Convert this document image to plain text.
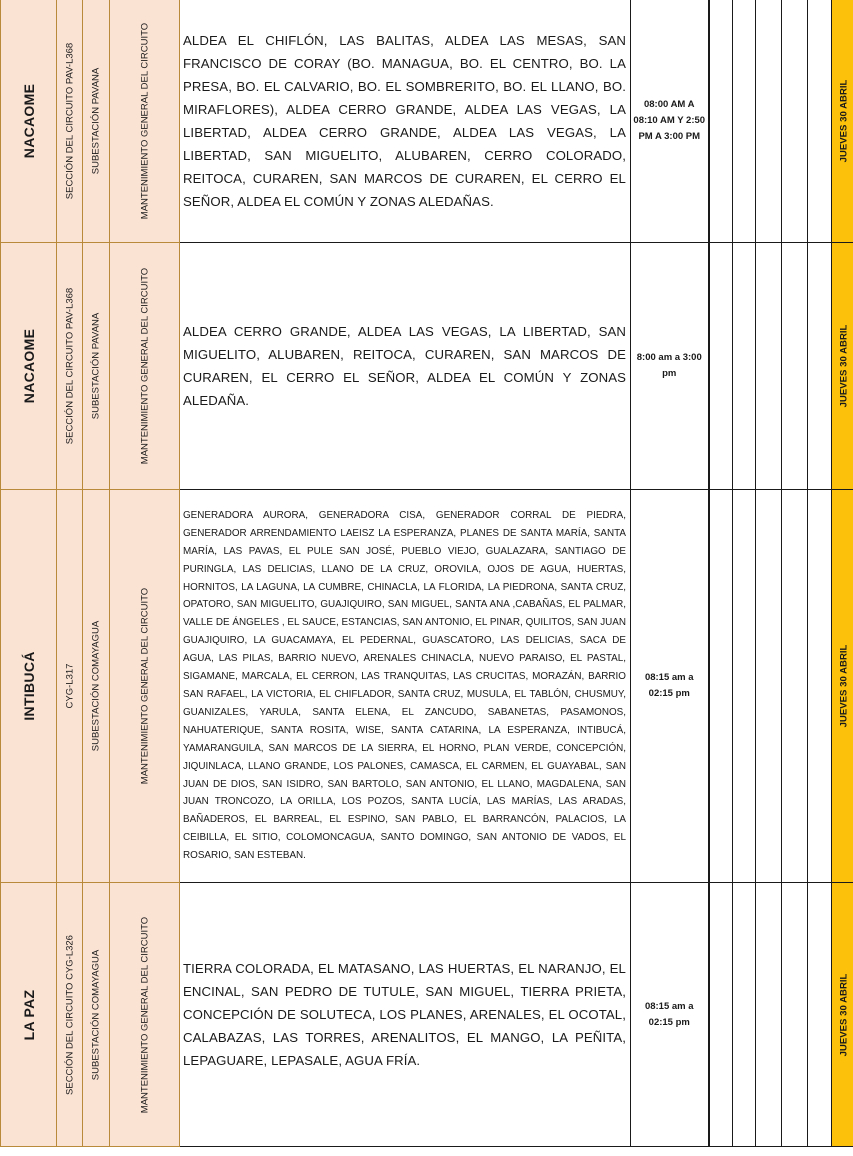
NACAOME	SECCIÓN DEL CIRCUITO PAV-L368	SUBESTACIÓN PAVANA	MANTENIMIENTO GENERAL DEL CIRCUITO	ALDEA EL CHIFLÓN, LAS BALITAS, ALDEA LAS MESAS, SAN FRANCISCO DE CORAY (BO. MANAGUA, BO. EL CENTRO, BO. LA PRESA, BO. EL CALVARIO, BO. EL SOMBRERITO, BO. EL LLANO, BO. MIRAFLORES), ALDEA CERRO GRANDE, ALDEA LAS VEGAS, LA LIBERTAD, ALDEA CERRO GRANDE, ALDEA LAS VEGAS, LA LIBERTAD, SAN MIGUELITO, ALUBAREN, CERRO COLORADO, REITOCA, CURAREN, SAN MARCOS DE CURAREN, EL CERRO EL SEÑOR, ALDEA EL COMÚN Y ZONAS ALEDAÑAS.	08:00 AM A 08:10 AM Y 2:50 PM A 3:00 PM						JUEVES 30 ABRIL		

NACAOME	SECCIÓN DEL CIRCUITO PAV-L368	SUBESTACIÓN PAVANA	MANTENIMIENTO GENERAL DEL CIRCUITO	ALDEA CERRO GRANDE, ALDEA LAS VEGAS, LA LIBERTAD, SAN MIGUELITO, ALUBAREN, REITOCA, CURAREN, SAN MARCOS DE CURAREN, EL CERRO EL SEÑOR, ALDEA EL COMÚN Y ZONAS ALEDAÑA.	8:00 am a 3:00 pm						JUEVES 30 ABRIL		

INTIBUCÁ	CYG-L317	SUBESTACIÓN COMAYAGUA	MANTENIMIENTO GENERAL DEL CIRCUITO	GENERADORA AURORA, GENERADORA CISA, GENERADOR CORRAL DE PIEDRA, GENERADOR ARRENDAMIENTO LAEISZ LA ESPERANZA, PLANES DE SANTA MARÍA, SANTA MARÍA, LAS PAVAS, EL PULE SAN JOSÉ, PUEBLO VIEJO, GUALAZARA, SANTIAGO DE PURINGLA, LAS DELICIAS, LLANO DE LA CRUZ, OROVILA, OJOS DE AGUA, HUERTAS, HORNITOS, LA LAGUNA, LA CUMBRE, CHINACLA, LA FLORIDA, LA PIEDRONA, SANTA CRUZ, OPATORO, SAN MIGUELITO, GUAJIQUIRO, SAN MIGUEL, SANTA ANA ,CABAÑAS, EL PALMAR, VALLE DE ÁNGELES , EL SAUCE, ESTANCIAS, SAN ANTONIO, EL PINAR, QUILITOS, SAN JUAN GUAJIQUIRO, LA GUACAMAYA, EL PEDERNAL, GUASCATORO, LAS DELICIAS, SACA DE AGUA, LAS PILAS, BARRIO NUEVO, ARENALES CHINACLA, NUEVO PARAISO, EL PASTAL, SIGAMANE, MARCALA, EL CERRON, LAS TRANQUITAS, LAS CRUCITAS, MORAZÁN, BARRIO SAN RAFAEL, LA VICTORIA, EL CHIFLADOR, SANTA CRUZ, MUSULA, EL TABLÓN, CHUSMUY, GUANIZALES, YARULA, SANTA ELENA, EL ZANCUDO, SABANETAS, PASAMONOS, NAHUATERIQUE, SANTA ROSITA, WISE, SANTA CATARINA, LA ESPERANZA, INTIBUCÁ, YAMARANGUILA, SAN MARCOS DE LA SIERRA, EL HORNO, PLAN VERDE, CONCEPCIÓN, JIQUINLACA, LLANO GRANDE, LOS PALONES, CAMASCA, EL CARMEN, EL GUAYABAL, SAN JUAN DE DIOS, SAN ISIDRO, SAN BARTOLO, SAN ANTONIO, EL LLANO, MAGDALENA, SAN JUAN TRONCOZO, LA ORILLA, LOS POZOS, SANTA LUCÍA, LAS MARÍAS, LAS ARADAS, BAÑADEROS, EL BARREAL, EL ESPINO, SAN PABLO, EL BARRANCÓN, PALACIOS, LA CEIBILLA, EL SITIO, COLOMONCAGUA, SANTO DOMINGO, SAN ANTONIO DE VADOS, EL ROSARIO, SAN ESTEBAN.	08:15 am a 02:15 pm						JUEVES 30 ABRIL		

LA PAZ	SECCIÓN DEL CIRCUITO CYG-L326	SUBESTACIÓN COMAYAGUA	MANTENIMIENTO GENERAL DEL CIRCUITO	TIERRA COLORADA, EL MATASANO, LAS HUERTAS, EL NARANJO, EL ENCINAL, SAN PEDRO DE TUTULE, SAN MIGUEL, TIERRA PRIETA, CONCEPCIÓN DE SOLUTECA, LOS PLANES, ARENALES, EL OCOTAL, CALABAZAS, LAS TORRES, ARENALITOS, EL MANGO, LA PEÑITA, LEPAGUARE, LEPASALE, AGUA FRÍA.	08:15 am a 02:15 pm						JUEVES 30 ABRIL		
